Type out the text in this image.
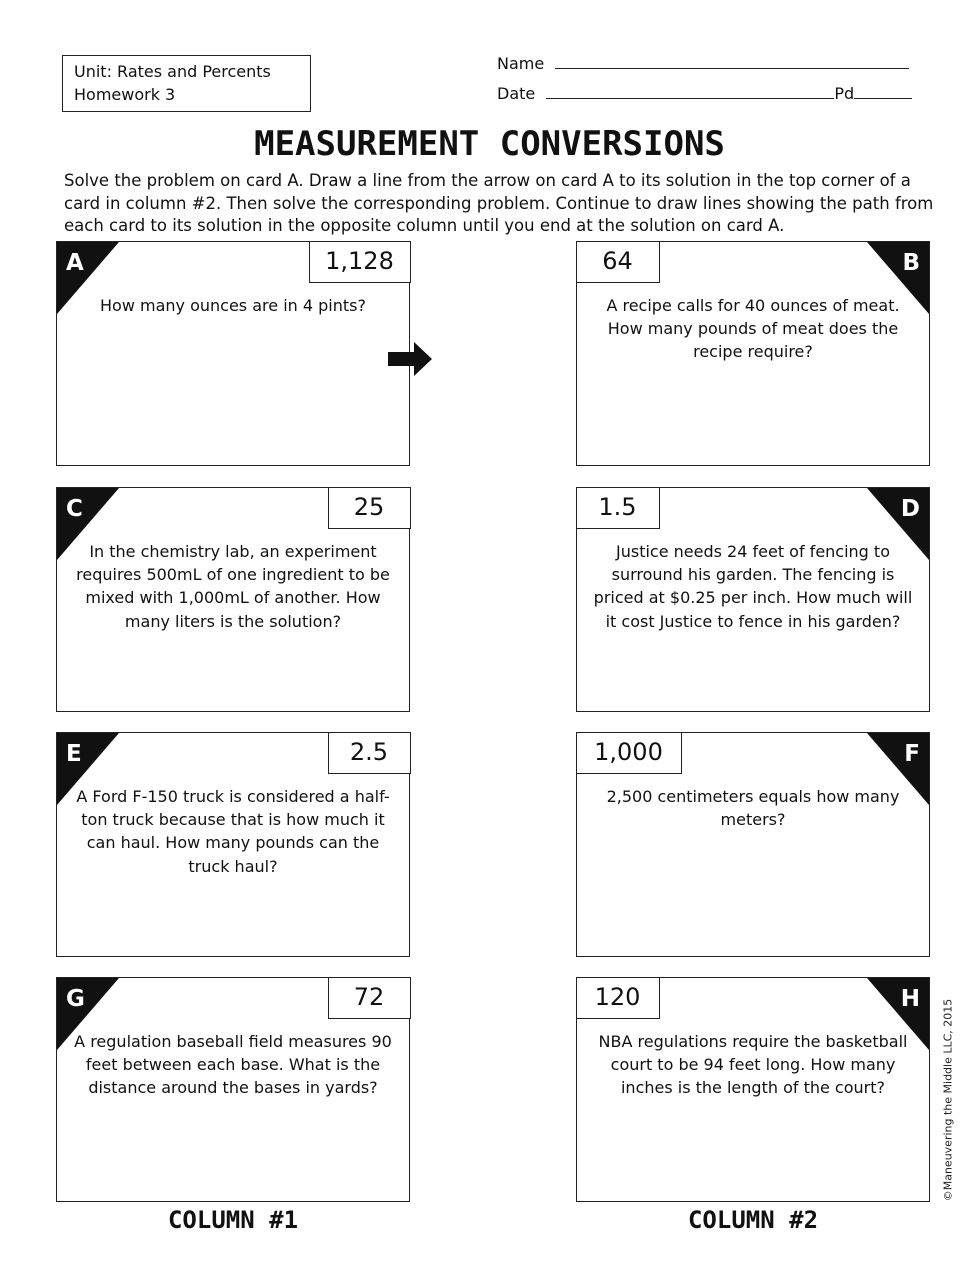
Unit: Rates and Percents
Homework 3
Name
Date	Pd
MEASUREMENT CONVERSIONS
Solve the problem on card A. Draw a line from the arrow on card A to its solution in the top corner of a card in column #2. Then solve the corresponding problem. Continue to draw lines showing the path from each card to its solution in the opposite column until you end at the solution on card A.
A	1,128
How many ounces are in 4 pints?
B
64
A recipe calls for 40 ounces of meat. How many pounds of meat does the recipe require?
C	25
In the chemistry lab, an experiment requires 500mL of one ingredient to be mixed with 1,000mL of another. How many liters is the solution?
D
1.5
Justice needs 24 feet of fencing to surround his garden. The fencing is priced at $0.25 per inch. How much will it cost Justice to fence in his garden?
E	2.5
A Ford F-150 truck is considered a half-ton truck because that is how much it can haul. How many pounds can the truck haul?
F
1,000
2,500 centimeters equals how many meters?
G	72
A regulation baseball field measures 90 feet between each base. What is the distance around the bases in yards?
H
120
NBA regulations require the basketball court to be 94 feet long. How many inches is the length of the court?
COLUMN #1	COLUMN #2
©Maneuvering the Middle LLC, 2015
